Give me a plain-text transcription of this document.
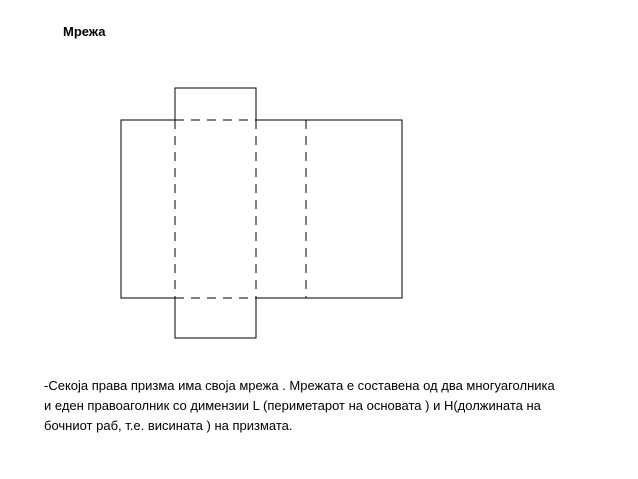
Мрежа

-Секоја права призма има своја мрежа . Мрежата е составена од два многуаголника
и еден правоаголник со димензии L (периметарот на основата ) и H(должината на
бочниот раб, т.е. висината ) на призмата.
